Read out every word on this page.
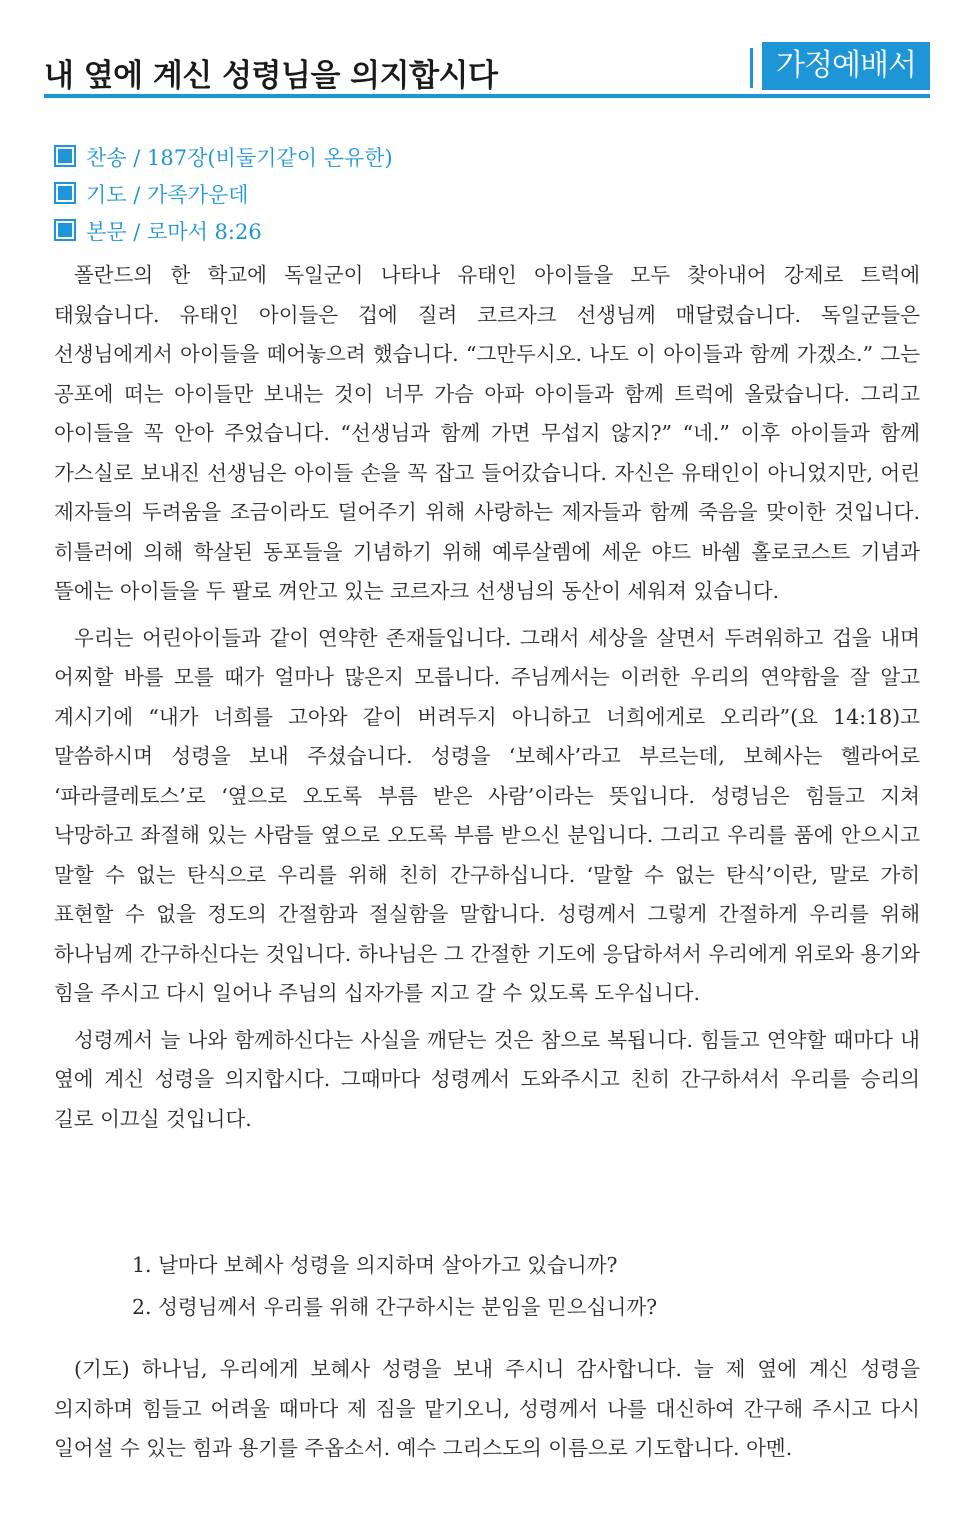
내 옆에 계신 성령님을 의지합시다	가정예배서
찬송 / 187장(비둘기같이 온유한)
기도 / 가족가운데
본문 / 로마서 8:26

폴란드의 한 학교에 독일군이 나타나 유태인 아이들을 모두 찾아내어 강제로 트럭에 태웠습니다. 유태인 아이들은 겁에 질려 코르자크 선생님께 매달렸습니다. 독일군들은 선생님에게서 아이들을 떼어놓으려 했습니다. “그만두시오. 나도 이 아이들과 함께 가겠소.” 그는 공포에 떠는 아이들만 보내는 것이 너무 가슴 아파 아이들과 함께 트럭에 올랐습니다. 그리고 아이들을 꼭 안아 주었습니다. “선생님과 함께 가면 무섭지 않지?” “네.” 이후 아이들과 함께 가스실로 보내진 선생님은 아이들 손을 꼭 잡고 들어갔습니다. 자신은 유태인이 아니었지만, 어린 제자들의 두려움을 조금이라도 덜어주기 위해 사랑하는 제자들과 함께 죽음을 맞이한 것입니다. 히틀러에 의해 학살된 동포들을 기념하기 위해 예루살렘에 세운 야드 바쉠 홀로코스트 기념과 뜰에는 아이들을 두 팔로 껴안고 있는 코르자크 선생님의 동산이 세워져 있습니다.

우리는 어린아이들과 같이 연약한 존재들입니다. 그래서 세상을 살면서 두려워하고 겁을 내며 어찌할 바를 모를 때가 얼마나 많은지 모릅니다. 주님께서는 이러한 우리의 연약함을 잘 알고 계시기에 “내가 너희를 고아와 같이 버려두지 아니하고 너희에게로 오리라”(요 14:18)고 말씀하시며 성령을 보내 주셨습니다. 성령을 ‘보혜사’라고 부르는데, 보혜사는 헬라어로 ‘파라클레토스’로 ‘옆으로 오도록 부름 받은 사람’이라는 뜻입니다. 성령님은 힘들고 지쳐 낙망하고 좌절해 있는 사람들 옆으로 오도록 부름 받으신 분입니다. 그리고 우리를 품에 안으시고 말할 수 없는 탄식으로 우리를 위해 친히 간구하십니다. ‘말할 수 없는 탄식’이란, 말로 가히 표현할 수 없을 정도의 간절함과 절실함을 말합니다. 성령께서 그렇게 간절하게 우리를 위해 하나님께 간구하신다는 것입니다. 하나님은 그 간절한 기도에 응답하셔서 우리에게 위로와 용기와 힘을 주시고 다시 일어나 주님의 십자가를 지고 갈 수 있도록 도우십니다.

성령께서 늘 나와 함께하신다는 사실을 깨닫는 것은 참으로 복됩니다. 힘들고 연약할 때마다 내 옆에 계신 성령을 의지합시다. 그때마다 성령께서 도와주시고 친히 간구하셔서 우리를 승리의 길로 이끄실 것입니다.

1. 날마다 보혜사 성령을 의지하며 살아가고 있습니까?
2. 성령님께서 우리를 위해 간구하시는 분임을 믿으십니까?

(기도) 하나님, 우리에게 보혜사 성령을 보내 주시니 감사합니다. 늘 제 옆에 계신 성령을 의지하며 힘들고 어려울 때마다 제 짐을 맡기오니, 성령께서 나를 대신하여 간구해 주시고 다시 일어설 수 있는 힘과 용기를 주옵소서. 예수 그리스도의 이름으로 기도합니다. 아멘.
